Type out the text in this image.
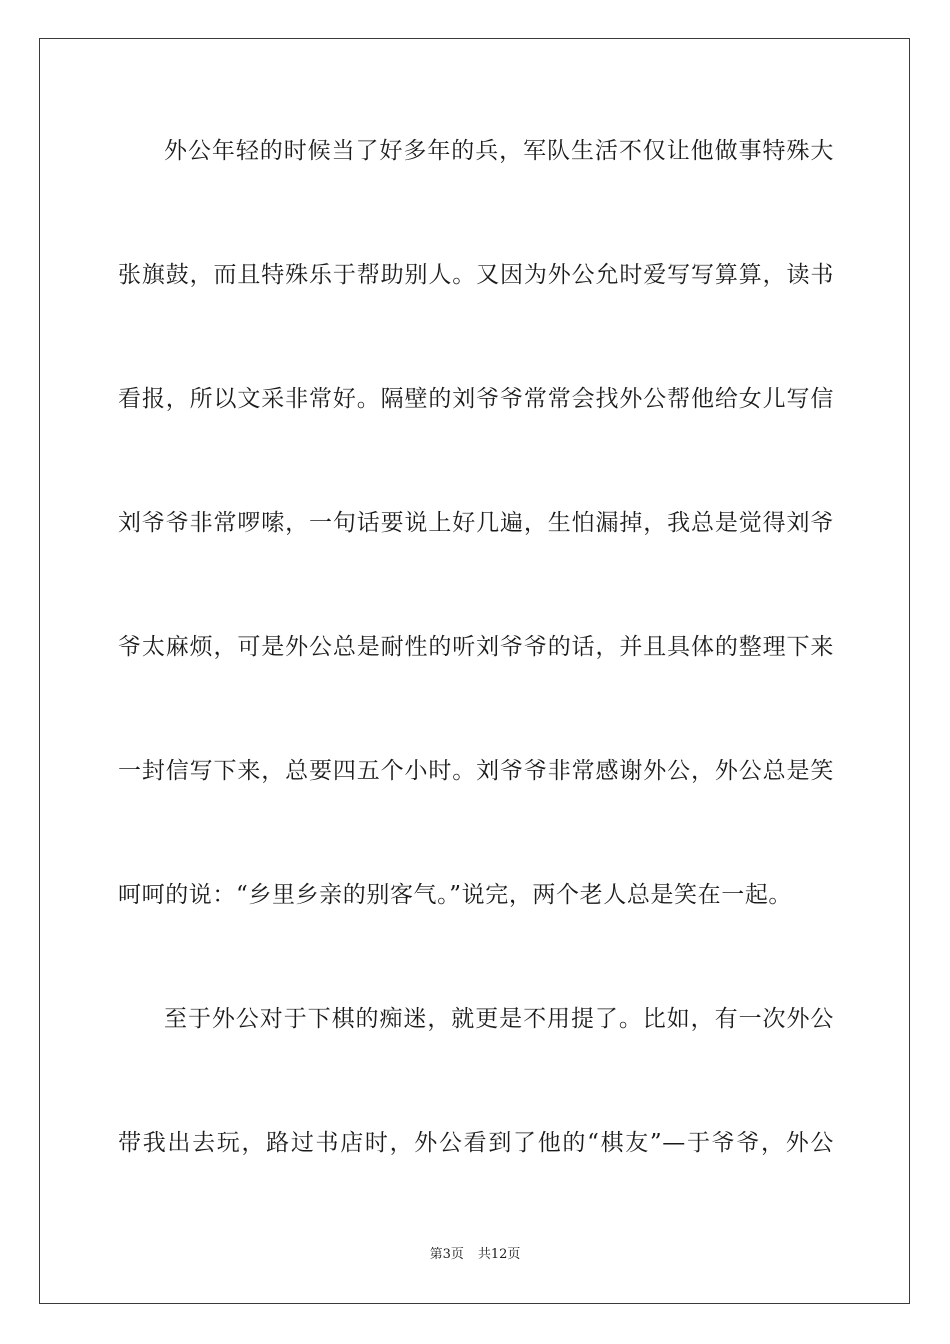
外公年轻的时候当了好多年的兵，军队生活不仅让他做事特殊大
张旗鼓，而且特殊乐于帮助别人。又因为外公允时爱写写算算，读书
看报，所以文采非常好。隔壁的刘爷爷常常会找外公帮他给女儿写信
刘爷爷非常啰嗦，一句话要说上好几遍，生怕漏掉，我总是觉得刘爷
爷太麻烦，可是外公总是耐性的听刘爷爷的话，并且具体的整理下来
一封信写下来，总要四五个小时。刘爷爷非常感谢外公，外公总是笑
呵呵的说：“乡里乡亲的别客气。”说完，两个老人总是笑在一起。
至于外公对于下棋的痴迷，就更是不用提了。比如，有一次外公
带我出去玩，路过书店时，外公看到了他的“棋友”—于爷爷，外公
第3页 共12页
